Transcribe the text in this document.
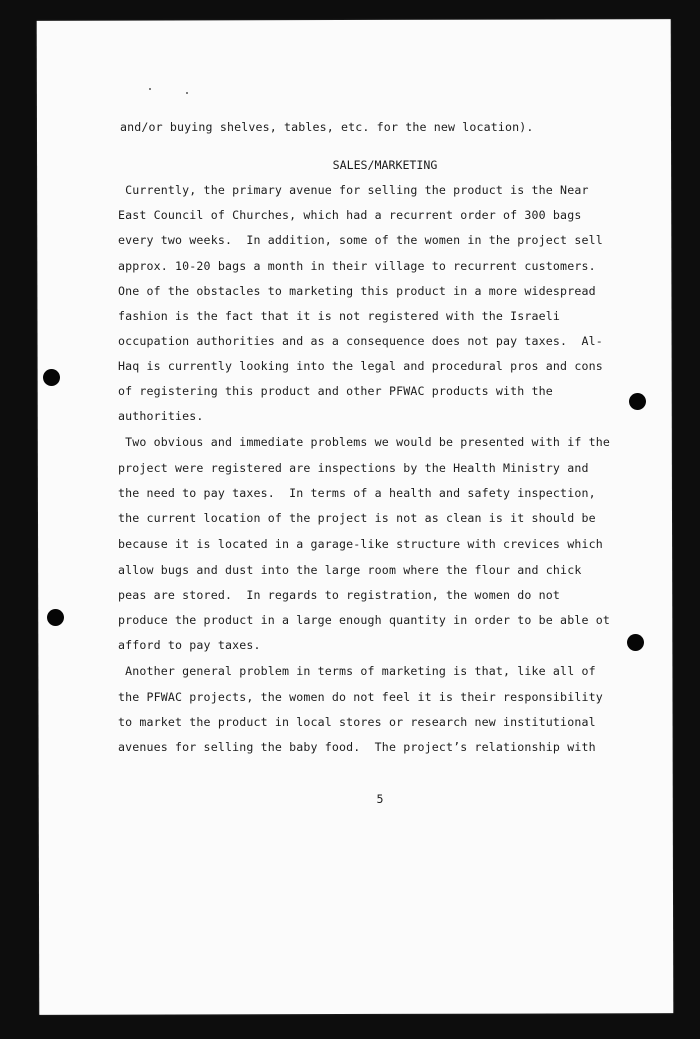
and/or buying shelves, tables, etc. for the new location).

SALES/MARKETING

Currently, the primary avenue for selling the product is the Near

East Council of Churches, which had a recurrent order of 300 bags

every two weeks.  In addition, some of the women in the project sell

approx. 10-20 bags a month in their village to recurrent customers.

One of the obstacles to marketing this product in a more widespread

fashion is the fact that it is not registered with the Israeli

occupation authorities and as a consequence does not pay taxes.  Al-

Haq is currently looking into the legal and procedural pros and cons

of registering this product and other PFWAC products with the

authorities.

Two obvious and immediate problems we would be presented with if the

project were registered are inspections by the Health Ministry and

the need to pay taxes.  In terms of a health and safety inspection,

the current location of the project is not as clean is it should be

because it is located in a garage-like structure with crevices which

allow bugs and dust into the large room where the flour and chick

peas are stored.  In regards to registration, the women do not

produce the product in a large enough quantity in order to be able ot

afford to pay taxes.

Another general problem in terms of marketing is that, like all of

the PFWAC projects, the women do not feel it is their responsibility

to market the product in local stores or research new institutional

avenues for selling the baby food.  The project’s relationship with

5
